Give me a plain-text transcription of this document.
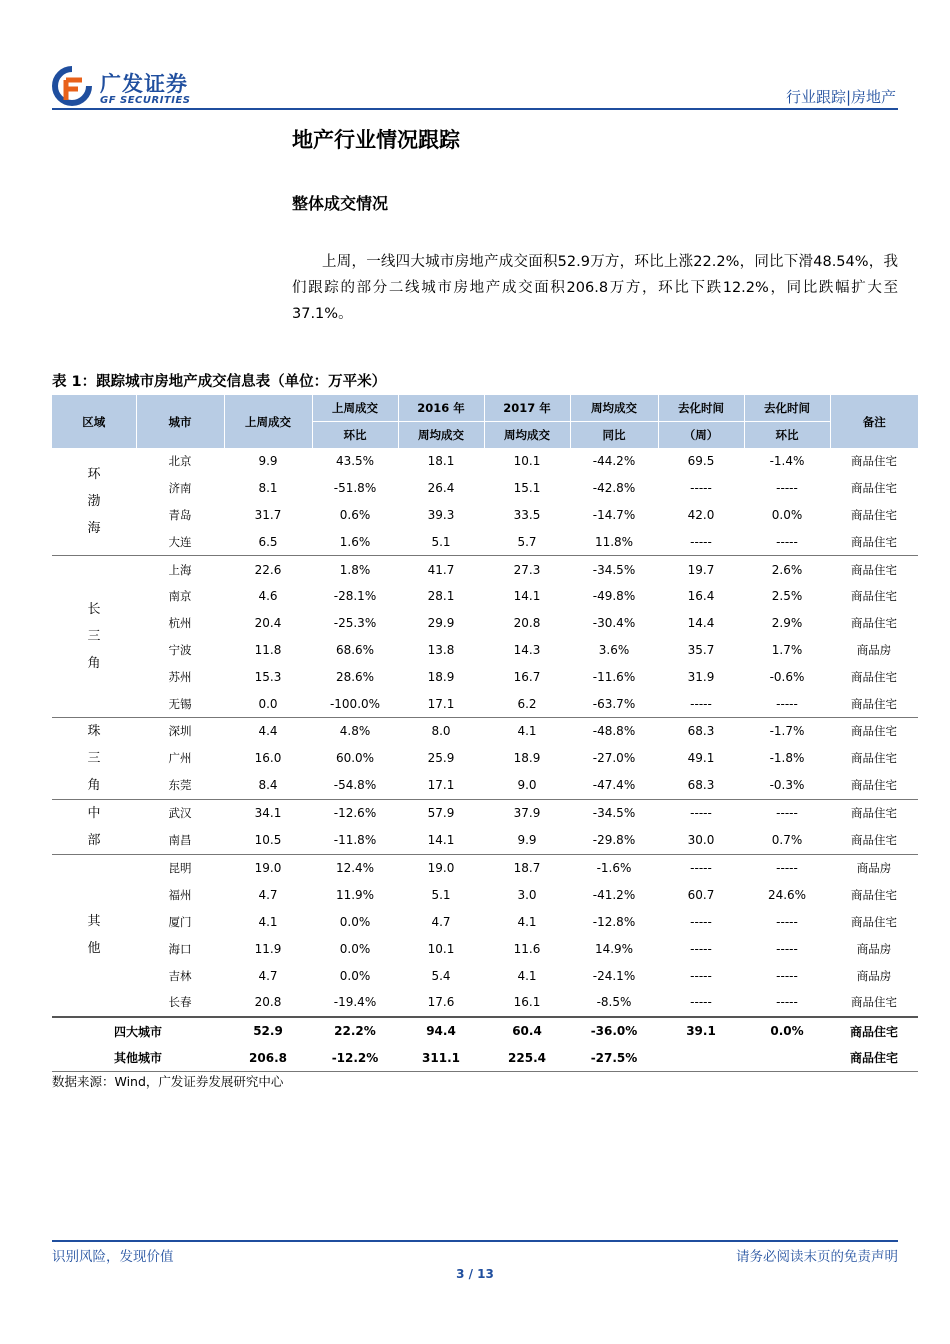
广发证券
GF SECURITIES	行业跟踪|房地产
地产行业情况跟踪
整体成交情况
上周，一线四大城市房地产成交面积52.9万方，环比上涨22.2%，同比下滑48.54%，我们跟踪的部分二线城市房地产成交面积206.8万方，环比下跌12.2%，同比跌幅扩大至37.1%。
表 1：跟踪城市房地产成交信息表（单位：万平米）
区域	城市	上周成交	上周成交	2016 年	2017 年	周均成交	去化时间	去化时间	备注
			环比	周均成交	周均成交	同比	（周）	环比	
环
渤
海	北京	9.9	43.5%	18.1	10.1	-44.2%	69.5	-1.4%	商品住宅
	济南	8.1	-51.8%	26.4	15.1	-42.8%	-----	-----	商品住宅
	青岛	31.7	0.6%	39.3	33.5	-14.7%	42.0	0.0%	商品住宅
	大连	6.5	1.6%	5.1	5.7	11.8%	-----	-----	商品住宅
长
三
角	上海	22.6	1.8%	41.7	27.3	-34.5%	19.7	2.6%	商品住宅
	南京	4.6	-28.1%	28.1	14.1	-49.8%	16.4	2.5%	商品住宅
	杭州	20.4	-25.3%	29.9	20.8	-30.4%	14.4	2.9%	商品住宅
	宁波	11.8	68.6%	13.8	14.3	3.6%	35.7	1.7%	商品房
	苏州	15.3	28.6%	18.9	16.7	-11.6%	31.9	-0.6%	商品住宅
	无锡	0.0	-100.0%	17.1	6.2	-63.7%	-----	-----	商品住宅
珠
三
角	深圳	4.4	4.8%	8.0	4.1	-48.8%	68.3	-1.7%	商品住宅
	广州	16.0	60.0%	25.9	18.9	-27.0%	49.1	-1.8%	商品住宅
	东莞	8.4	-54.8%	17.1	9.0	-47.4%	68.3	-0.3%	商品住宅
中
部	武汉	34.1	-12.6%	57.9	37.9	-34.5%	-----	-----	商品住宅
	南昌	10.5	-11.8%	14.1	9.9	-29.8%	30.0	0.7%	商品住宅
其
他	昆明	19.0	12.4%	19.0	18.7	-1.6%	-----	-----	商品房
	福州	4.7	11.9%	5.1	3.0	-41.2%	60.7	24.6%	商品住宅
	厦门	4.1	0.0%	4.7	4.1	-12.8%	-----	-----	商品住宅
	海口	11.9	0.0%	10.1	11.6	14.9%	-----	-----	商品房
	吉林	4.7	0.0%	5.4	4.1	-24.1%	-----	-----	商品房
	长春	20.8	-19.4%	17.6	16.1	-8.5%	-----	-----	商品住宅
四大城市		52.9	22.2%	94.4	60.4	-36.0%	39.1	0.0%	商品住宅
其他城市		206.8	-12.2%	311.1	225.4	-27.5%			商品住宅
数据来源：Wind，广发证券发展研究中心
识别风险，发现价值	请务必阅读末页的免责声明
3 / 13
